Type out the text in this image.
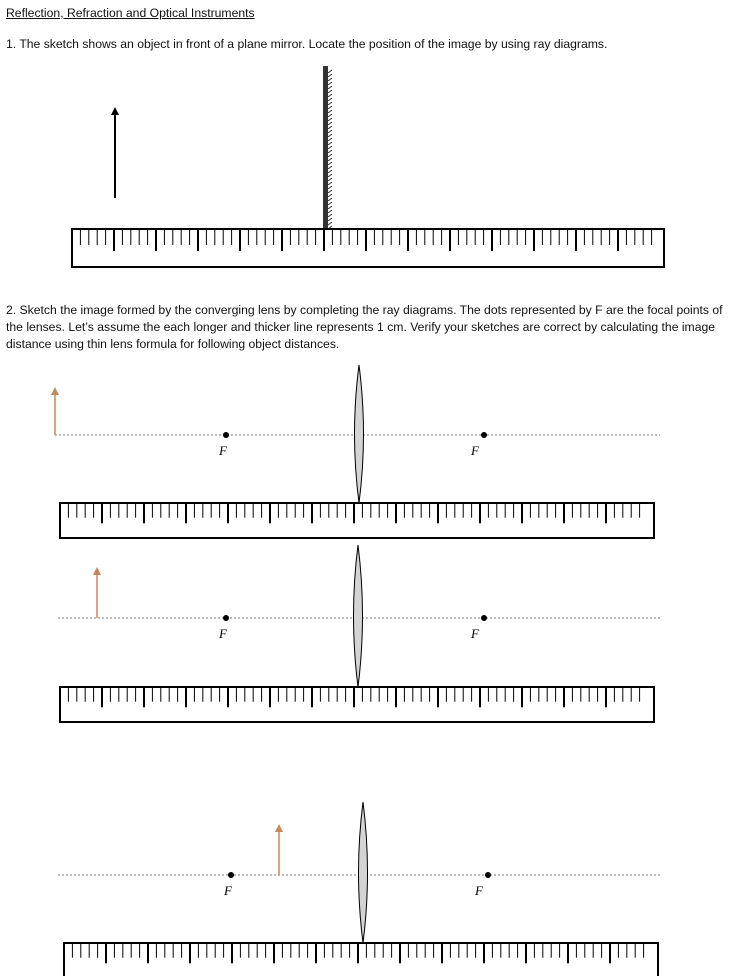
Reflection, Refraction and Optical Instruments
1. The sketch shows an object in front of a plane mirror. Locate the position of the image by using ray diagrams.
2. Sketch the image formed by the converging lens by completing the ray diagrams. The dots represented by F are the focal points of the lenses. Let’s assume the each longer and thicker line represents 1 cm. Verify your sketches are correct by calculating the image distance using thin lens formula for following object distances.
F	F
F	F
F	F
